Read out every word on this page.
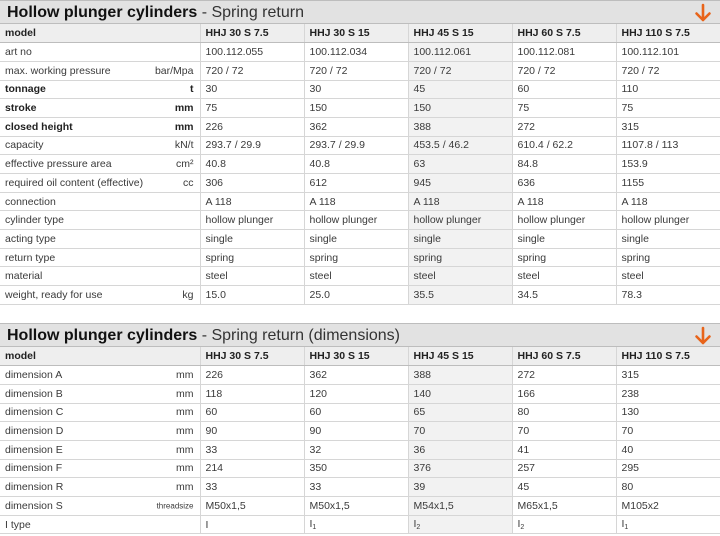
Hollow plunger cylinders - Spring return
model	HHJ 30 S 7.5	HHJ 30 S 15	HHJ 45 S 15	HHJ 60 S 7.5	HHJ 110 S 7.5
art no	100.112.055	100.112.034	100.112.061	100.112.081	100.112.101
max. working pressure bar/Mpa	720 / 72	720 / 72	720 / 72	720 / 72	720 / 72
tonnage t	30	30	45	60	110
stroke mm	75	150	150	75	75
closed height mm	226	362	388	272	315
capacity kN/t	293.7 / 29.9	293.7 / 29.9	453.5 / 46.2	610.4 / 62.2	1107.8 / 113
effective pressure area cm²	40.8	40.8	63	84.8	153.9
required oil content (effective) cc	306	612	945	636	1155
connection	A 118	A 118	A 118	A 118	A 118
cylinder type	hollow plunger	hollow plunger	hollow plunger	hollow plunger	hollow plunger
acting type	single	single	single	single	single
return type	spring	spring	spring	spring	spring
material	steel	steel	steel	steel	steel
weight, ready for use kg	15.0	25.0	35.5	34.5	78.3
Hollow plunger cylinders - Spring return (dimensions)
model	HHJ 30 S 7.5	HHJ 30 S 15	HHJ 45 S 15	HHJ 60 S 7.5	HHJ 110 S 7.5
dimension A mm	226	362	388	272	315
dimension B mm	118	120	140	166	238
dimension C mm	60	60	65	80	130
dimension D mm	90	90	70	70	70
dimension E mm	33	32	36	41	40
dimension F mm	214	350	376	257	295
dimension R mm	33	33	39	45	80
dimension S threadsize	M50x1,5	M50x1,5	M54x1,5	M65x1,5	M105x2
I type	I	$I_1$	$I_2$	$I_2$	$I_1$
